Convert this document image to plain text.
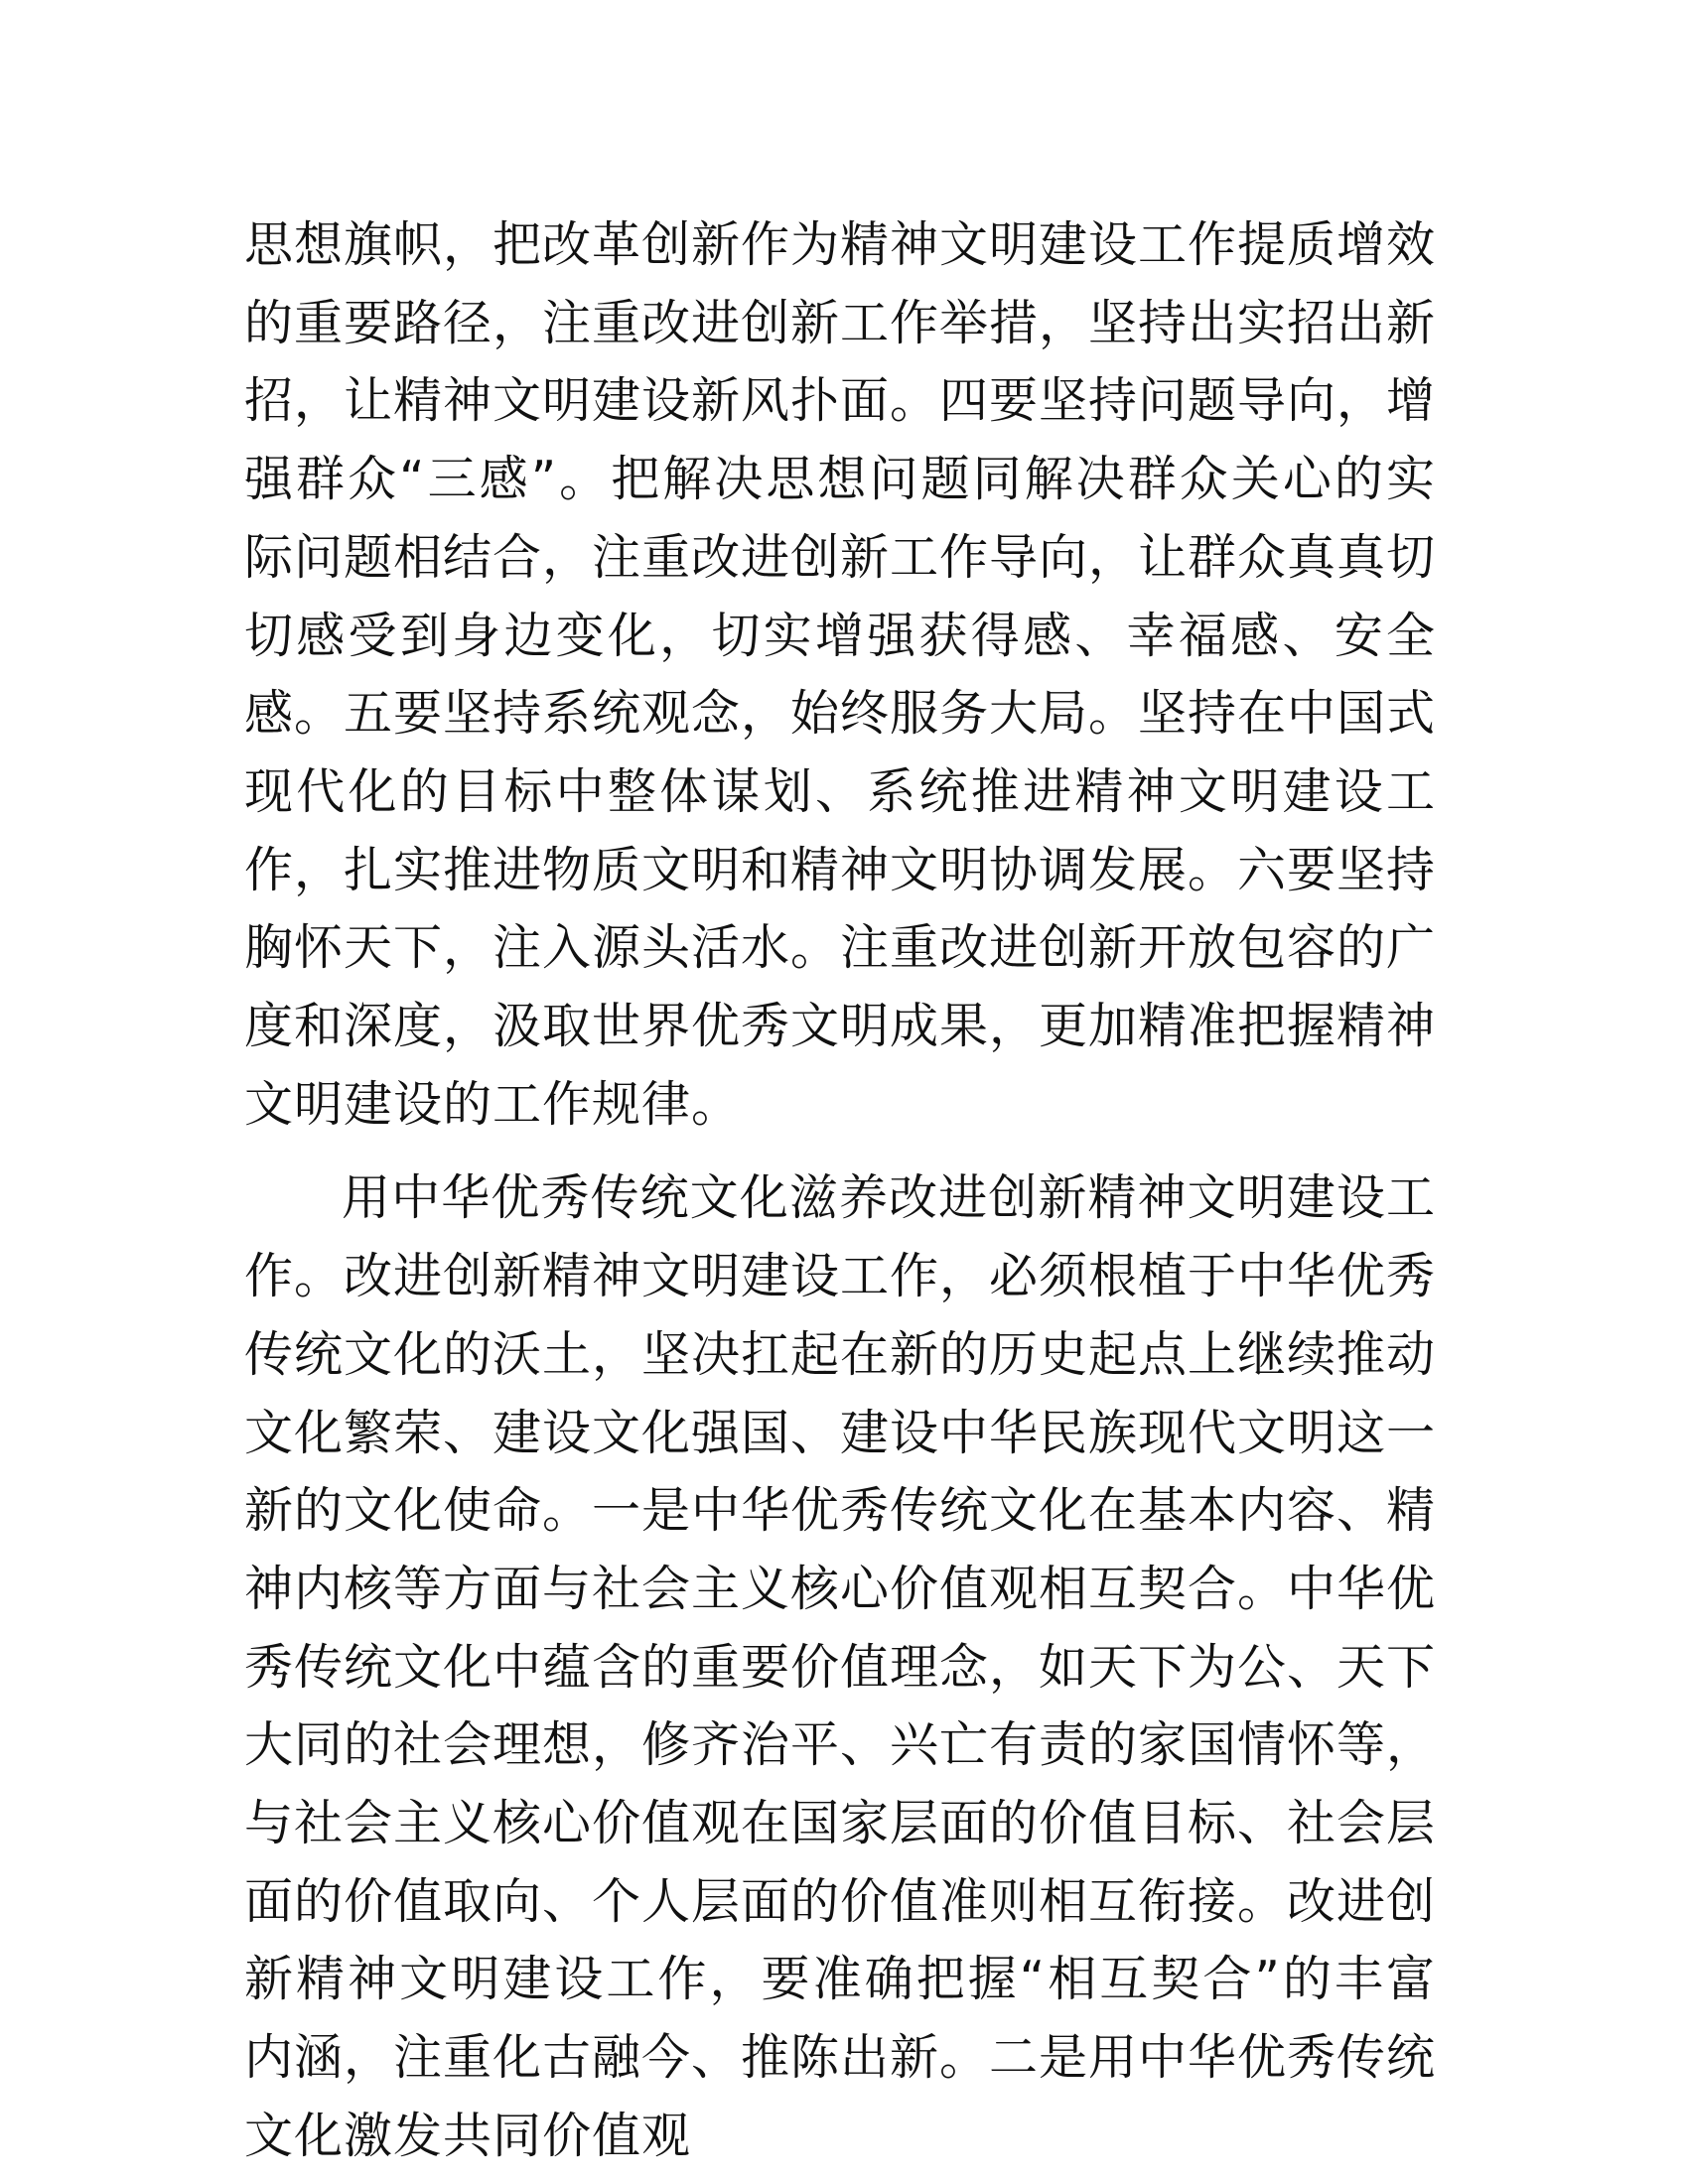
思想旗帜，把改革创新作为精神文明建设工作提质增效的重要路径，注重改进创新工作举措，坚持出实招出新招，让精神文明建设新风扑面。四要坚持问题导向，增强群众“三感”。把解决思想问题同解决群众关心的实际问题相结合，注重改进创新工作导向，让群众真真切切感受到身边变化，切实增强获得感、幸福感、安全感。五要坚持系统观念，始终服务大局。坚持在中国式现代化的目标中整体谋划、系统推进精神文明建设工作，扎实推进物质文明和精神文明协调发展。六要坚持胸怀天下，注入源头活水。注重改进创新开放包容的广度和深度，汲取世界优秀文明成果，更加精准把握精神文明建设的工作规律。

用中华优秀传统文化滋养改进创新精神文明建设工作。改进创新精神文明建设工作，必须根植于中华优秀传统文化的沃土，坚决扛起在新的历史起点上继续推动文化繁荣、建设文化强国、建设中华民族现代文明这一新的文化使命。一是中华优秀传统文化在基本内容、精神内核等方面与社会主义核心价值观相互契合。中华优秀传统文化中蕴含的重要价值理念，如天下为公、天下大同的社会理想，修齐治平、兴亡有责的家国情怀等，与社会主义核心价值观在国家层面的价值目标、社会层面的价值取向、个人层面的价值准则相互衔接。改进创新精神文明建设工作，要准确把握“相互契合”的丰富内涵，注重化古融今、推陈出新。二是用中华优秀传统文化激发共同价值观
